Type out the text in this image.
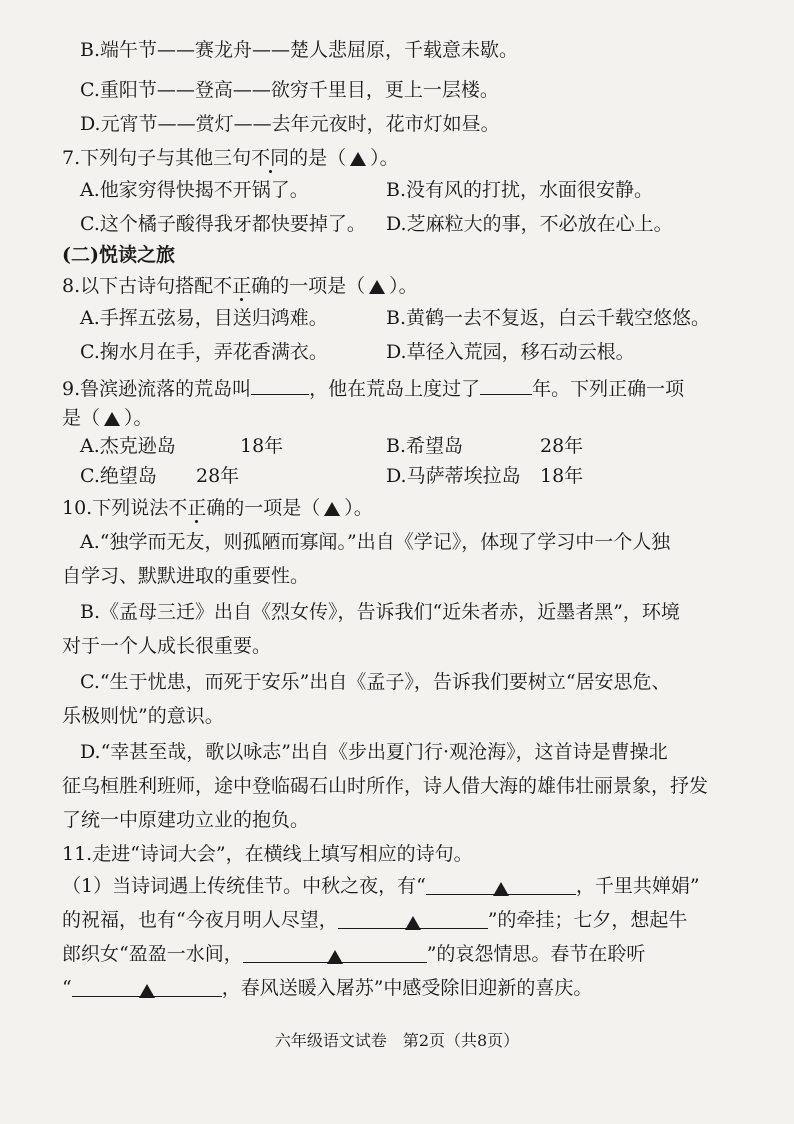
B.端午节——赛龙舟——楚人悲屈原，千载意未歇。
C.重阳节——登高——欲穷千里目，更上一层楼。
D.元宵节——赏灯——去年元夜时，花市灯如昼。
7.下列句子与其他三句不同的是（ ）。
A.他家穷得快揭不开锅了。	B.没有风的打扰，水面很安静。
C.这个橘子酸得我牙都快要掉了。 D.芝麻粒大的事，不必放在心上。
(二)悦读之旅
8.以下古诗句搭配不正确的一项是（ ）。
A.手挥五弦易，目送归鸿难。	B.黄鹤一去不复返，白云千载空悠悠。
C.掬水月在手，弄花香满衣。	D.草径入荒园，移石动云根。
9.鲁滨逊流落的荒岛叫	，他在荒岛上度过了	年。下列正确一项
是（ ）。
A.杰克逊岛	18年	B.希望岛	28年
C.绝望岛 28年	D.马萨蒂埃拉岛 18年
10.下列说法不正确的一项是（ ）。
A.“独学而无友，则孤陋而寡闻。”出自《学记》，体现了学习中一个人独
自学习、默默进取的重要性。
B.《孟母三迁》出自《烈女传》，告诉我们“近朱者赤，近墨者黑”，环境
对于一个人成长很重要。
C.“生于忧患，而死于安乐”出自《孟子》，告诉我们要树立“居安思危、
乐极则忧”的意识。
D.“幸甚至哉，歌以咏志”出自《步出夏门行·观沧海》，这首诗是曹操北
征乌桓胜利班师，途中登临碣石山时所作，诗人借大海的雄伟壮丽景象，抒发
了统一中原建功立业的抱负。
11.走进“诗词大会”，在横线上填写相应的诗句。
（1）当诗词遇上传统佳节。中秋之夜，有“	，千里共婵娟”
的祝福，也有“今夜月明人尽望，	”的牵挂；七夕，想起牛
郎织女“盈盈一水间，	”的哀怨情思。春节在聆听
“	，春风送暖入屠苏”中感受除旧迎新的喜庆。
六年级语文试卷　第2页（共8页）
